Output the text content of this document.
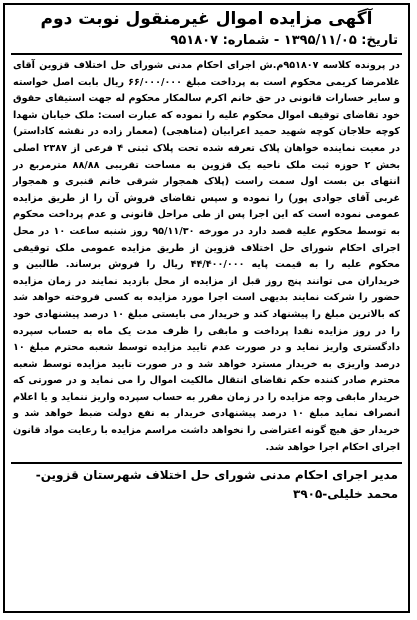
آگهی مزایده اموال غیرمنقول نوبت دوم
تاریخ: ۱۳۹۵/۱۱/۰۵ - شماره: ۹۵۱۸۰۷

در پرونده کلاسه ۹۵۱۸۰۷م.ش اجرای احکام مدنی شورای حل اختلاف قزوین آقای غلامرضا کریمی محکوم است به پرداخت مبلغ ۶۶/۰۰۰/۰۰۰ ریال بابت اصل خواسته و سایر خسارات قانونی در حق خانم اکرم سالمکار محکوم له جهت استیفای حقوق خود تقاضای توقیف اموال محکوم علیه را نموده که عبارت است: ملک خیابان شهدا کوچه حلاجان کوچه شهید حمید اعرابیان (مناهجی) (معمار زاده در نقشه کاداستر) در معیت نماینده خواهان پلاک تعرفه شده تحت پلاک ثبتی ۴ فرعی از ۲۳۸۷ اصلی بخش ۲ حوزه ثبت ملک ناحیه یک قزوین به مساحت تقریبی ۸۸/۸۸ مترمربع در انتهای بن بست اول سمت راست (پلاک همجوار شرقی خانم قنبری و همجوار غربی آقای جوادی پور) را نموده و سپس تقاضای فروش آن را از طریق مزایده عمومی نموده است که این اجرا پس از طی مراحل قانونی و عدم پرداخت محکوم به توسط محکوم علیه قصد دارد در مورخه ۹۵/۱۱/۳۰ روز شنبه ساعت ۱۰ در محل اجرای احکام شورای حل اختلاف قزوین از طریق مزایده عمومی ملک توقیفی محکوم علیه را به قیمت پایه ۴۴/۴۰۰/۰۰۰ ریال را فروش برساند. طالبین و خریداران می توانند پنج روز قبل از مزایده از محل بازدید نمایند در زمان مزایده حضور را شرکت نمایند بدیهی است اجرا مورد مزایده به کسی فروخته خواهد شد که بالاترین مبلغ را پیشنهاد کند و خریدار می بایستی مبلغ ۱۰ درصد پیشنهادی خود را در روز مزایده نقدا پرداخت و مابقی را ظرف مدت یک ماه به حساب سپرده دادگستری واریز نماید و در صورت عدم تایید مزایده توسط شعبه محترم مبلغ ۱۰ درصد واریزی به خریدار مسترد خواهد شد و در صورت تایید مزایده توسط شعبه محترم صادر کننده حکم تقاضای انتقال مالکیت اموال را می نماید و در صورتی که خریدار مابقی وجه مزایده را در زمان مقرر به حساب سپرده واریز ننماید و یا اعلام انصراف نماید مبلغ ۱۰ درصد پیشنهادی خریدار به نفع دولت ضبط خواهد شد و خریدار حق هیچ گونه اعتراضی را نخواهد داشت مراسم مزایده با رعایت مواد قانون اجرای احکام اجرا خواهد شد.

مدیر اجرای احکام مدنی شورای حل اختلاف شهرستان قزوین-
محمد خلیلی-۳۹۰۵
